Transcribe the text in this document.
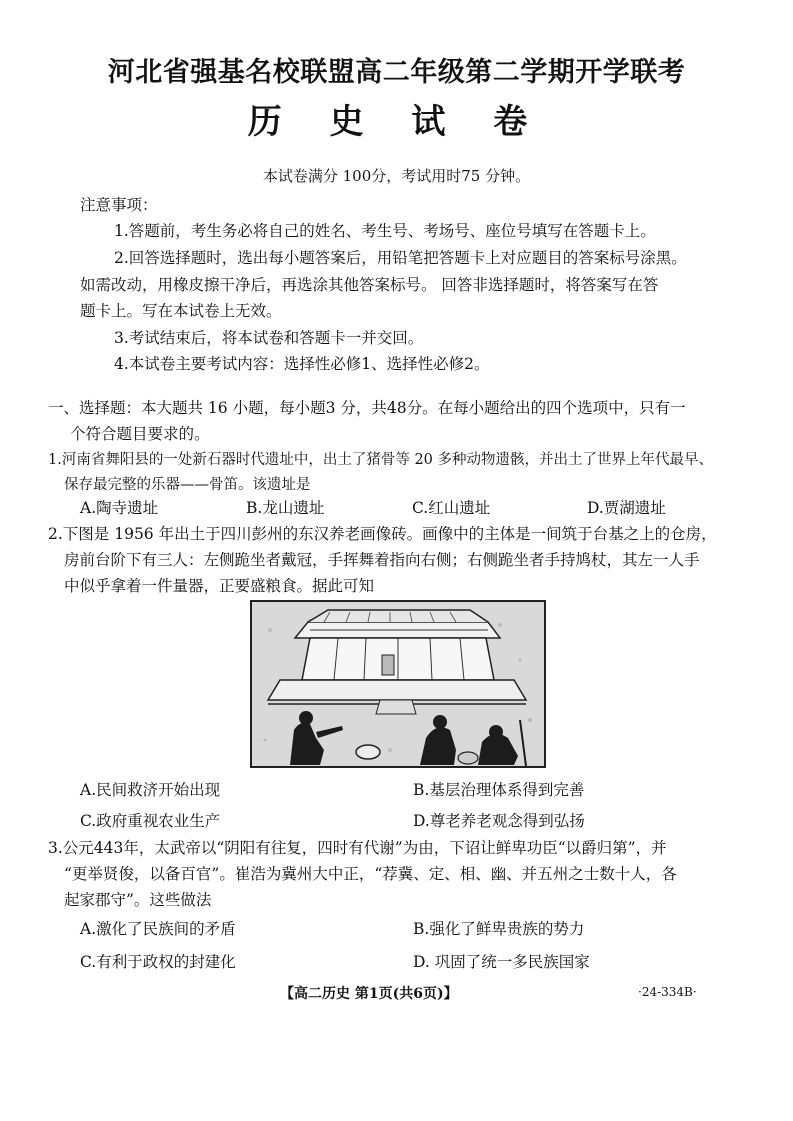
河北省强基名校联盟高二年级第二学期开学联考
历 史 试 卷
本试卷满分 100分，考试用时75 分钟。
注意事项：
1.答题前，考生务必将自己的姓名、考生号、考场号、座位号填写在答题卡上。
2.回答选择题时，选出每小题答案后，用铅笔把答题卡上对应题目的答案标号涂黑。
如需改动，用橡皮擦干净后，再选涂其他答案标号。 回答非选择题时，将答案写在答
题卡上。写在本试卷上无效。
3.考试结束后，将本试卷和答题卡一并交回。
4.本试卷主要考试内容：选择性必修1、选择性必修2。
一、选择题：本大题共 16 小题，每小题3 分，共48分。在每小题给出的四个选项中，只有一
个符合题目要求的。
1.河南省舞阳县的一处新石器时代遗址中，出土了猪骨等 20 多种动物遗骸，并出土了世界上年代最早、
保存最完整的乐器——骨笛。该遗址是
A.陶寺遗址	B.龙山遗址	C.红山遗址	D.贾湖遗址
2.下图是 1956 年出土于四川彭州的东汉养老画像砖。画像中的主体是一间筑于台基之上的仓房，
房前台阶下有三人：左侧跪坐者戴冠，手挥舞着指向右侧；右侧跪坐者手持鸠杖，其左一人手
中似乎拿着一件量器，正要盛粮食。据此可知
A.民间救济开始出现	B.基层治理体系得到完善
C.政府重视农业生产	D.尊老养老观念得到弘扬
3.公元443年，太武帝以“阴阳有往复，四时有代谢”为由，下诏让鲜卑功臣“以爵归第”，并
“更举贤俊，以备百官”。崔浩为冀州大中正，“荐冀、定、相、幽、并五州之士数十人，各
起家郡守”。这些做法
A.激化了民族间的矛盾	B.强化了鲜卑贵族的势力
C.有利于政权的封建化	D. 巩固了统一多民族国家
【高二历史 第1页(共6页)】	·24-334B·
